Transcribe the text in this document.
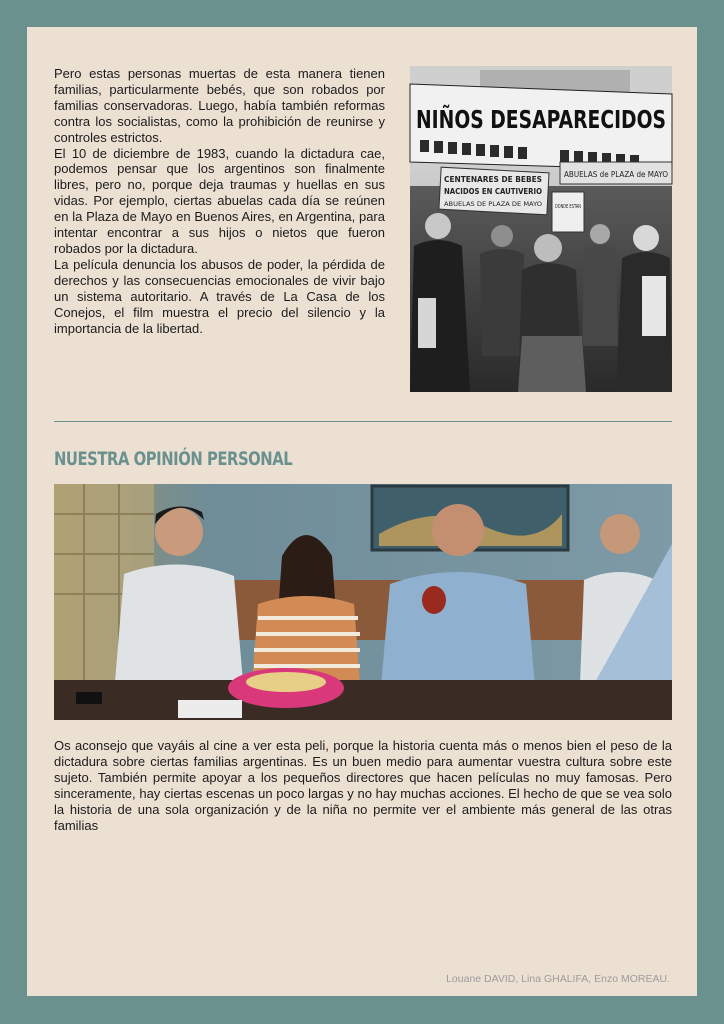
Pero estas personas muertas de esta manera tienen familias, particularmente bebés, que son robados por familias conservadoras. Luego, había también reformas contra los socialistas, como la prohibición de reunirse y controles estrictos.

El 10 de diciembre de 1983, cuando la dictadura cae, podemos pensar que los argentinos son finalmente libres, pero no, porque deja traumas y huellas en sus vidas. Por ejemplo, ciertas abuelas cada día se reúnen en la Plaza de Mayo en Buenos Aires, en Argentina, para intentar encontrar a sus hijos o nietos que fueron robados por la dictadura.

La película denuncia los abusos de poder, la pérdida de derechos y las consecuencias emocionales de vivir bajo un sistema autoritario. A través de La Casa de los Conejos, el film muestra el precio del silencio y la importancia de la libertad.

NIÑOS DESAPARECIDOS
CENTENARES DE BEBES
NACIDOS EN CAUTIVERIO
ABUELAS DE PLAZA DE MAYO
ABUELAS de PLAZA de MAYO
DONDE ESTAN
NUESTRA OPINIÓN PERSONAL

Os aconsejo que vayáis al cine a ver esta peli, porque la historia cuenta más o menos bien el peso de la dictadura sobre ciertas familias argentinas. Es un buen medio para aumentar vuestra cultura sobre este sujeto. También permite apoyar a los pequeños directores que hacen películas no muy famosas. Pero sinceramente, hay ciertas escenas un poco largas y no hay muchas acciones. El hecho de que se vea solo la historia de una sola organización y de la niña no permite ver el ambiente más general de las otras familias

Louane DAVID, Lina GHALIFA, Enzo MOREAU.
